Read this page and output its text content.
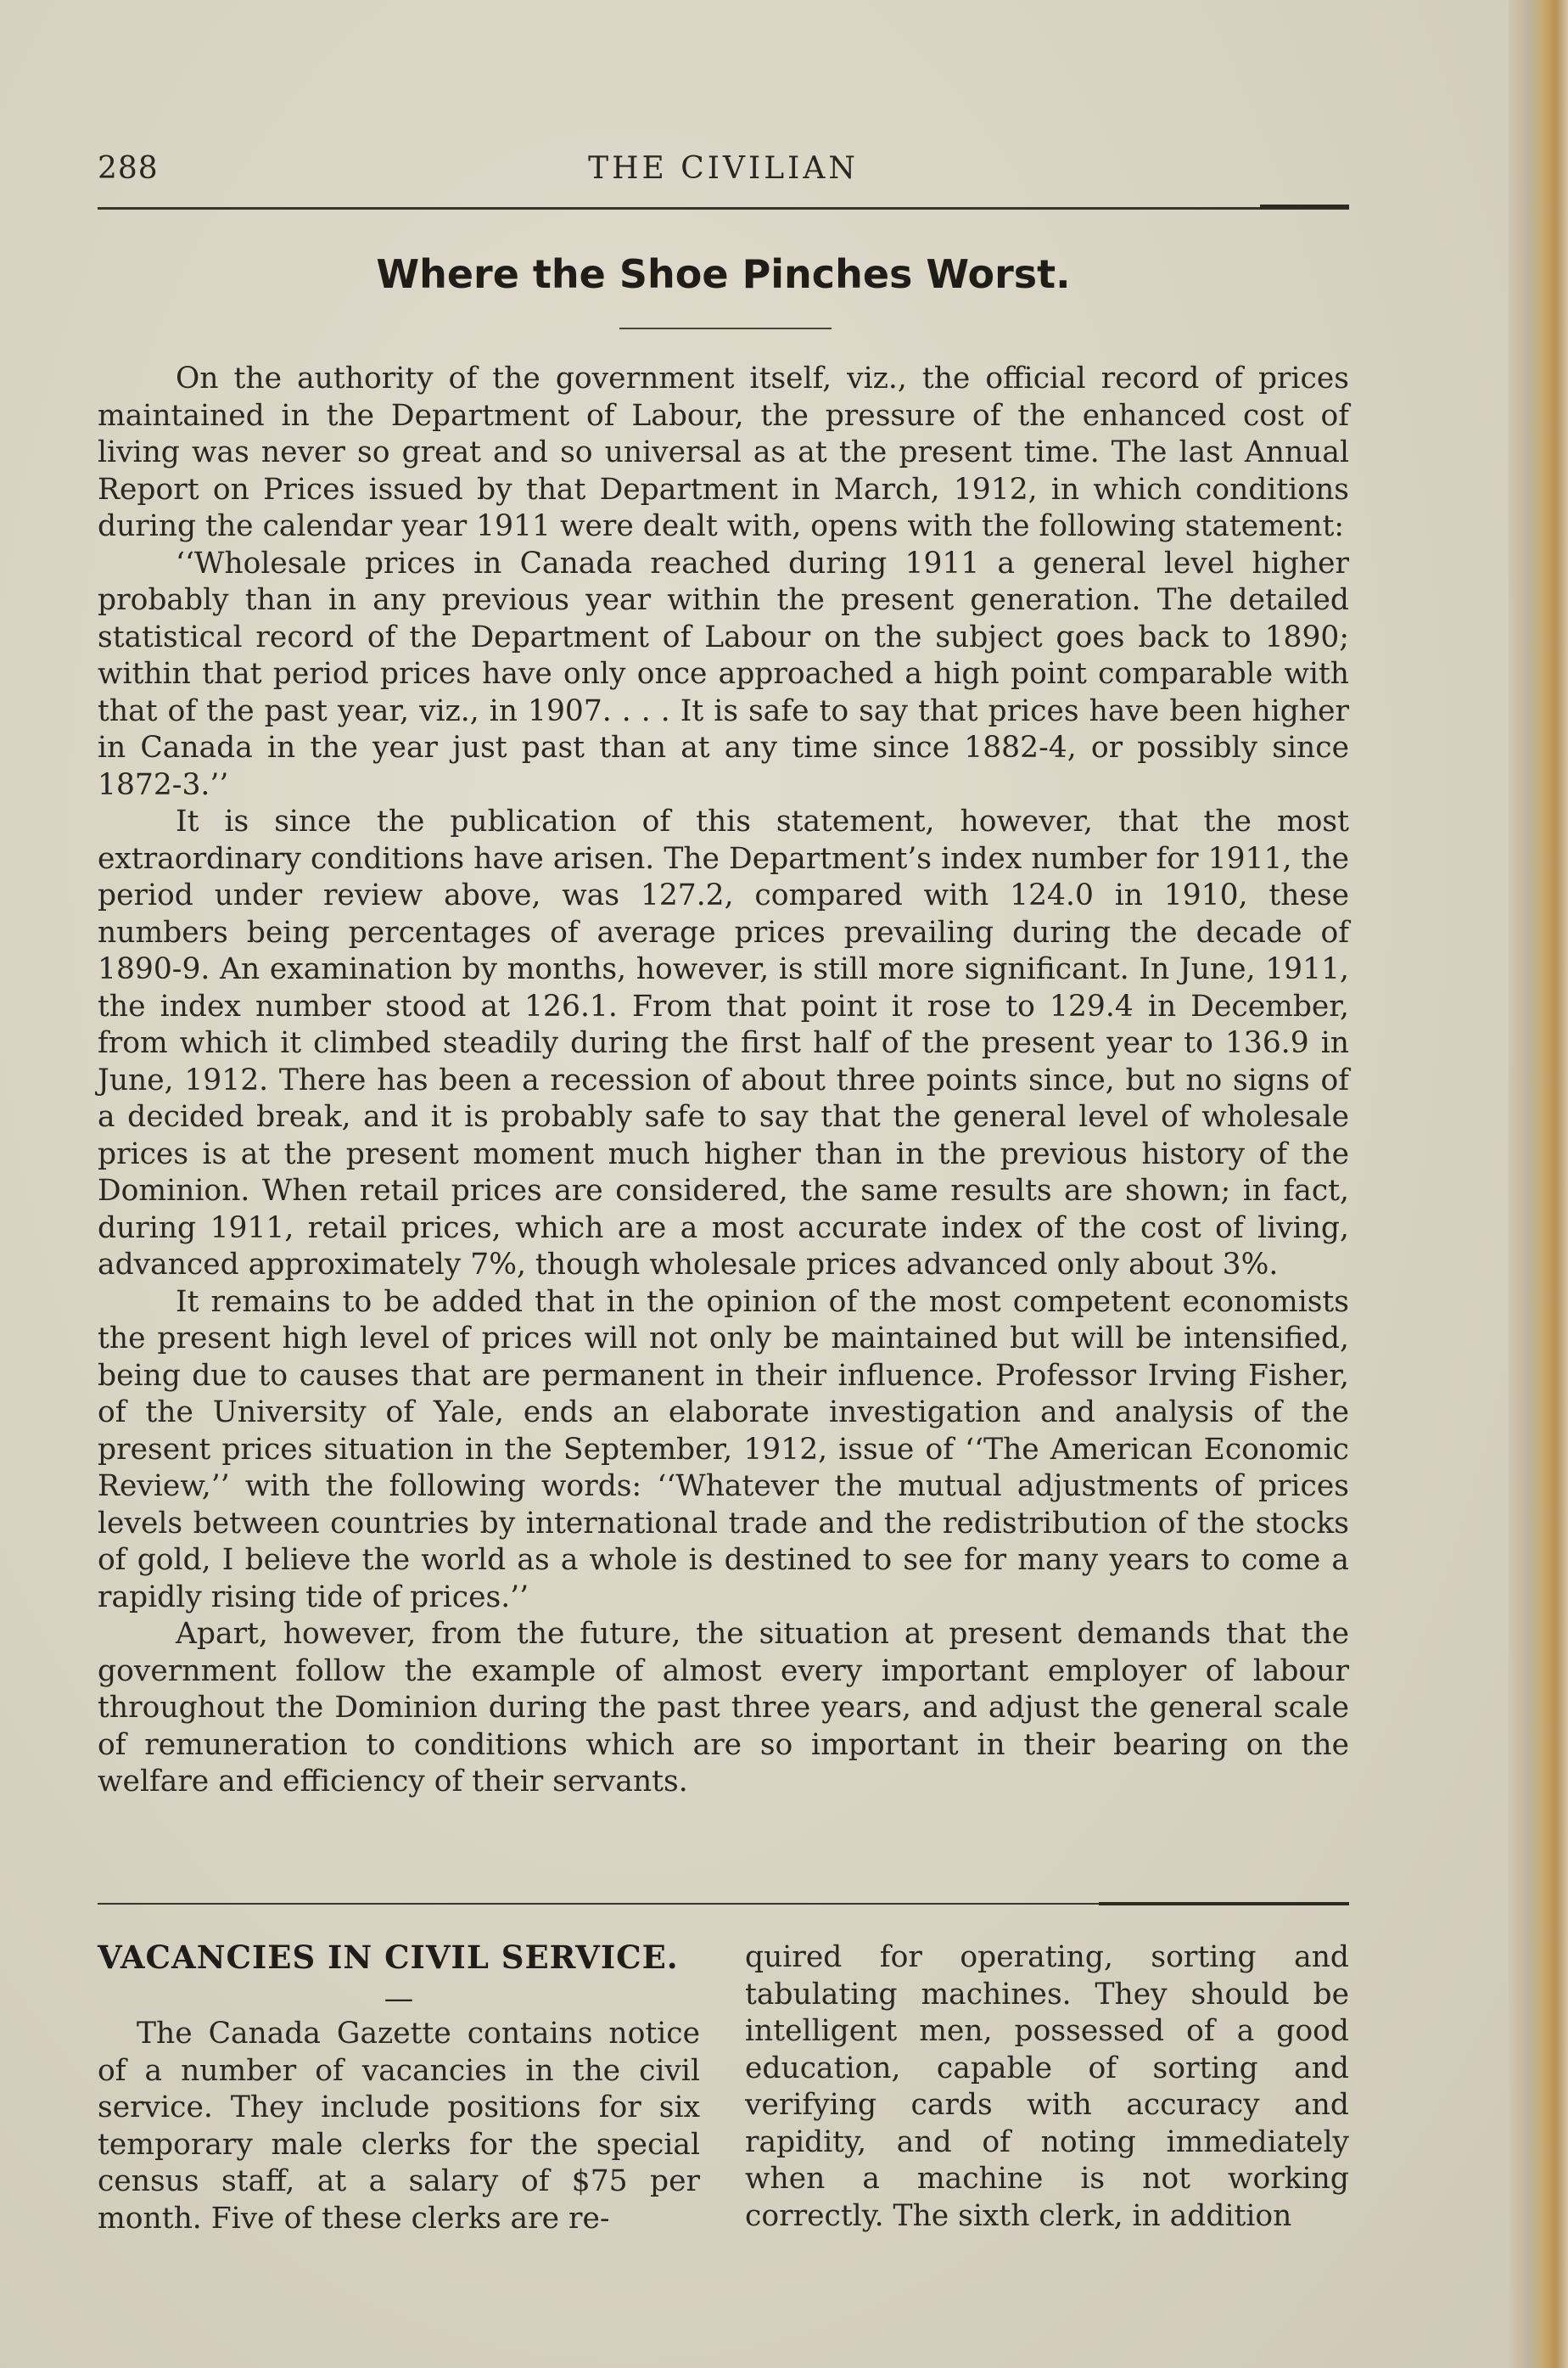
288	THE CIVILIAN
Where the Shoe Pinches Worst.

On the authority of the government itself, viz., the official record of prices maintained in the Department of Labour, the pressure of the enhanced cost of living was never so great and so universal as at the present time. The last Annual Report on Prices issued by that Department in March, 1912, in which conditions during the calendar year 1911 were dealt with, opens with the following statement:

‘‘Wholesale prices in Canada reached during 1911 a general level higher probably than in any previous year within the present generation. The detailed statistical record of the Department of Labour on the subject goes back to 1890; within that period prices have only once approached a high point comparable with that of the past year, viz., in 1907. . . . It is safe to say that prices have been higher in Canada in the year just past than at any time since 1882-4, or possibly since 1872-3.’’

It is since the publication of this statement, however, that the most extraordinary conditions have arisen. The Department’s index number for 1911, the period under review above, was 127.2, compared with 124.0 in 1910, these numbers being percentages of average prices prevailing during the decade of 1890-9. An examination by months, however, is still more significant. In June, 1911, the index number stood at 126.1. From that point it rose to 129.4 in December, from which it climbed steadily during the first half of the present year to 136.9 in June, 1912. There has been a recession of about three points since, but no signs of a decided break, and it is probably safe to say that the general level of wholesale prices is at the present moment much higher than in the previous history of the Dominion. When retail prices are considered, the same results are shown; in fact, during 1911, retail prices, which are a most accurate index of the cost of living, advanced approximately 7%, though wholesale prices advanced only about 3%.

It remains to be added that in the opinion of the most competent economists the present high level of prices will not only be maintained but will be intensified, being due to causes that are permanent in their influence. Professor Irving Fisher, of the University of Yale, ends an elaborate investigation and analysis of the present prices situation in the September, 1912, issue of ‘‘The American Economic Review,’’ with the following words: ‘‘Whatever the mutual adjustments of prices levels between countries by international trade and the redistribution of the stocks of gold, I believe the world as a whole is destined to see for many years to come a rapidly rising tide of prices.’’

Apart, however, from the future, the situation at present demands that the government follow the example of almost every important employer of labour throughout the Dominion during the past three years, and adjust the general scale of remuneration to conditions which are so important in their bearing on the welfare and efficiency of their servants.

VACANCIES IN CIVIL SERVICE.
—

The Canada Gazette contains notice of a number of vacancies in the civil service. They include positions for six temporary male clerks for the special census staff, at a salary of $75 per month. Five of these clerks are re-

quired for operating, sorting and tabulating machines. They should be intelligent men, possessed of a good education, capable of sorting and verifying cards with accuracy and rapidity, and of noting immediately when a machine is not working correctly. The sixth clerk, in addition
